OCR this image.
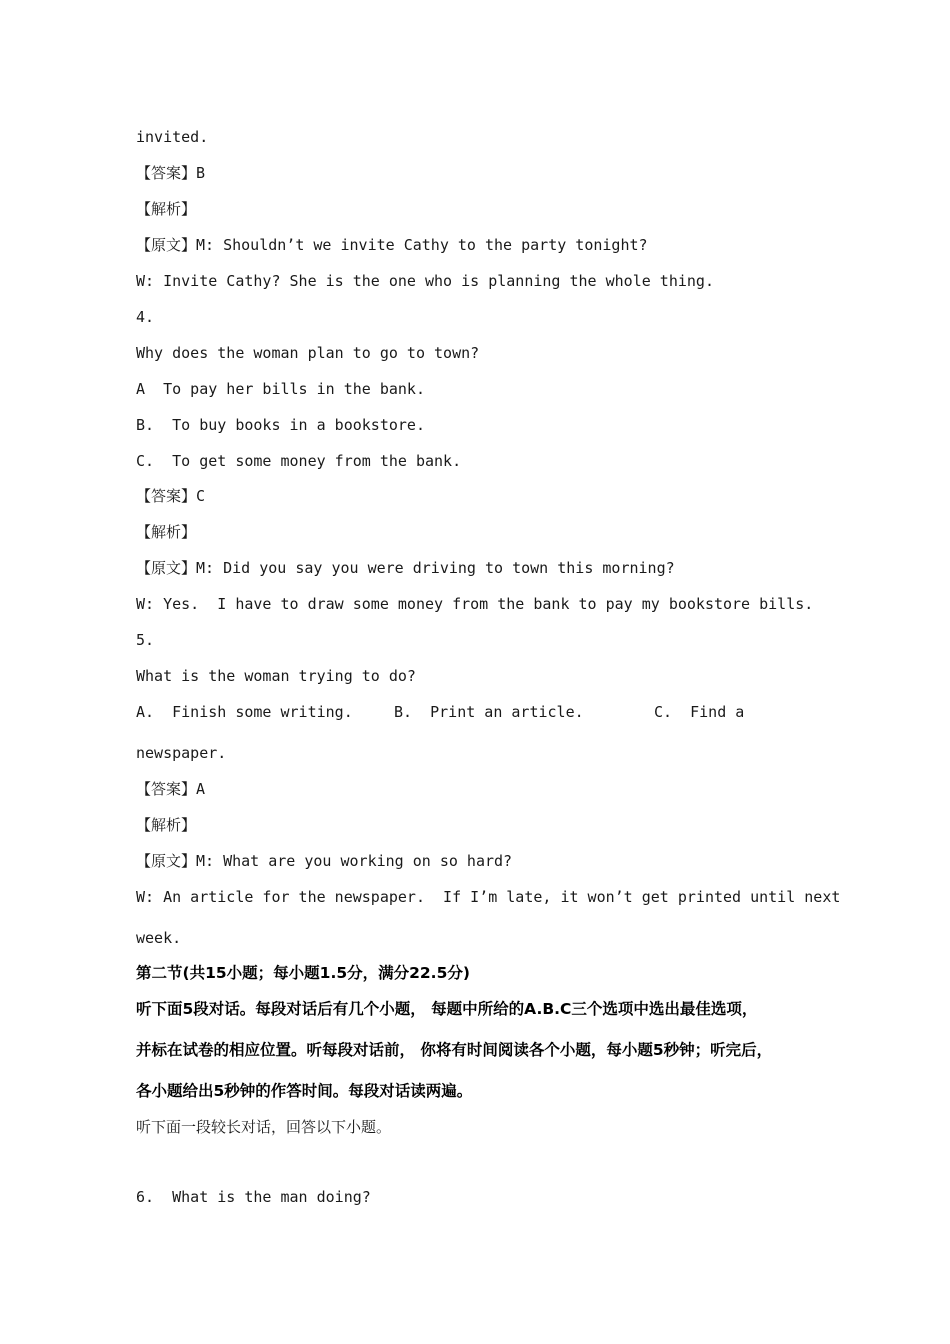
invited.

【答案】B

【解析】

【原文】M: Shouldn’t we invite Cathy to the party tonight?

W: Invite Cathy? She is the one who is planning the whole thing.

4.

Why does the woman plan to go to town?

A  To pay her bills in the bank.

B.  To buy books in a bookstore.

C.  To get some money from the bank.

【答案】C

【解析】

【原文】M: Did you say you were driving to town this morning?

W: Yes.  I have to draw some money from the bank to pay my bookstore bills.

5.

What is the woman trying to do?

A.  Finish some writing.	B.  Print an article.	C.  Find a

newspaper.

【答案】A

【解析】

【原文】M: What are you working on so hard?

W: An article for the newspaper.  If I’m late, it won’t get printed until next

week.

第二节(共15小题；每小题1.5分，满分22.5分)

听下面5段对话。每段对话后有几个小题， 每题中所给的A.B.C三个选项中选出最佳选项，

并标在试卷的相应位置。听每段对话前， 你将有时间阅读各个小题，每小题5秒钟；听完后，

各小题给出5秒钟的作答时间。每段对话读两遍。

听下面一段较长对话，回答以下小题。

6.  What is the man doing?
